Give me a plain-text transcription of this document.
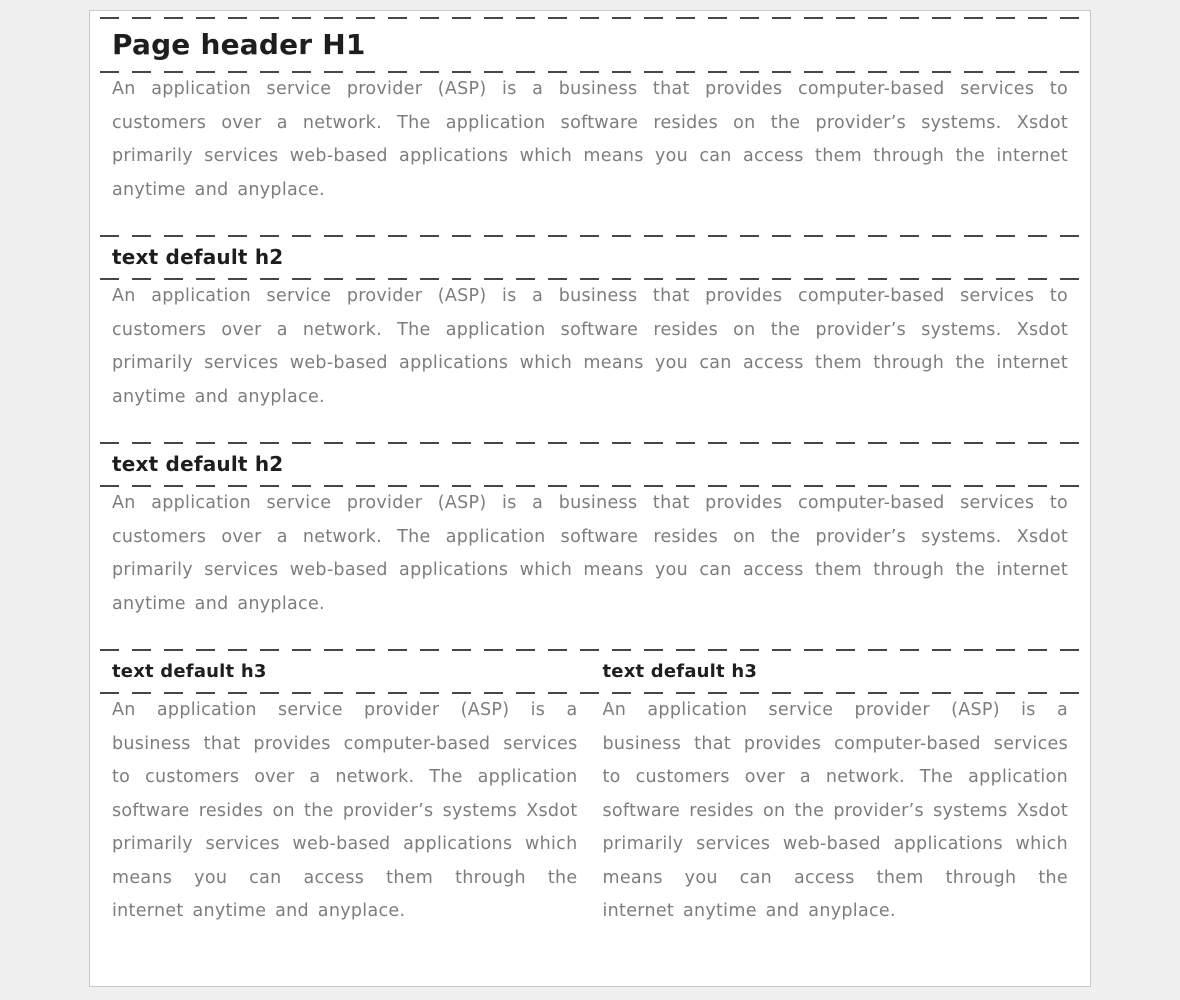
Page header H1

An application service provider (ASP) is a business that provides computer-based services to customers over a network. The application software resides on the provider’s systems. Xsdot primarily services web-based applications which means you can access them through the internet anytime and anyplace.

text default h2

An application service provider (ASP) is a business that provides computer-based services to customers over a network. The application software resides on the provider’s systems. Xsdot primarily services web-based applications which means you can access them through the internet anytime and anyplace.

text default h2

An application service provider (ASP) is a business that provides computer-based services to customers over a network. The application software resides on the provider’s systems. Xsdot primarily services web-based applications which means you can access them through the internet anytime and anyplace.

text default h3	text default h3

An application service provider (ASP) is a business that provides computer-based services to customers over a network. The application software resides on the provider’s systems Xsdot primarily services web-based applications which means you can access them through the internet anytime and anyplace.

An application service provider (ASP) is a business that provides computer-based services to customers over a network. The application software resides on the provider’s systems Xsdot primarily services web-based applications which means you can access them through the internet anytime and anyplace.
